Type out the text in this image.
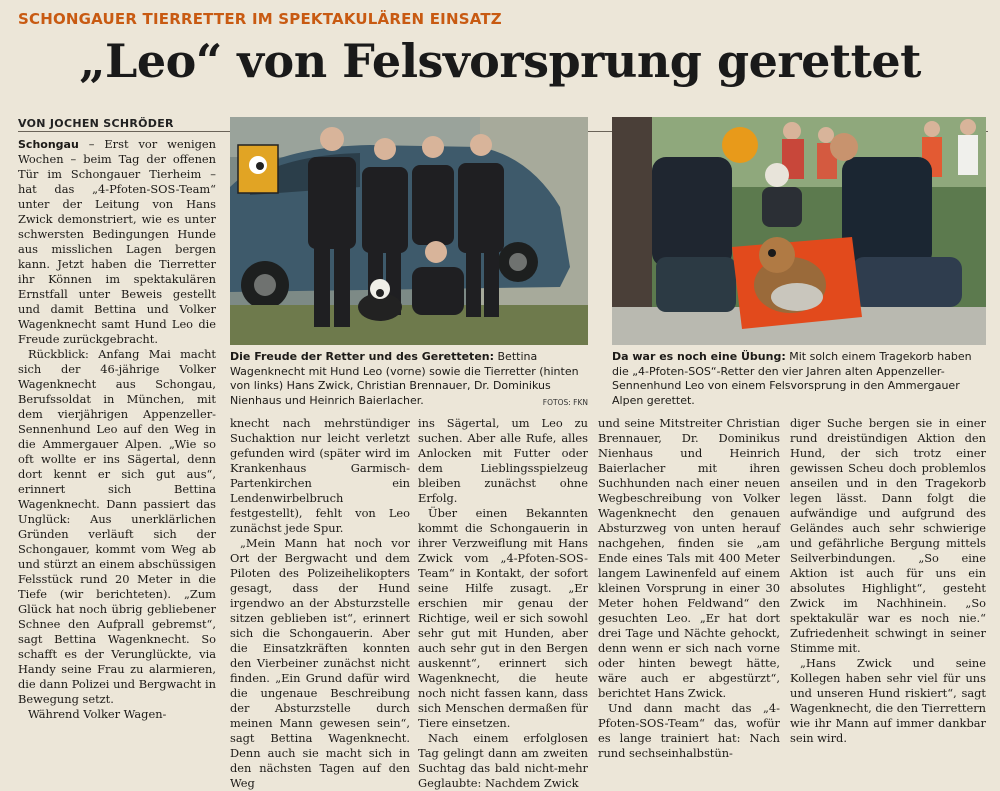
SCHONGAUER TIERRETTER IM SPEKTAKULÄREN EINSATZ
„Leo“ von Felsvorsprung gerettet
VON JOCHEN SCHRÖDER

Schongau – Erst vor wenigen Wochen – beim Tag der offenen Tür im Schongauer Tierheim – hat das „4-Pfoten-SOS-Team“ unter der Leitung von Hans Zwick demonstriert, wie es unter schwersten Bedingungen Hunde aus misslichen Lagen bergen kann. Jetzt haben die Tierretter ihr Können im spektakulären Ernstfall unter Beweis gestellt und damit Bettina und Volker Wagenknecht samt Hund Leo die Freude zurückgebracht.

Rückblick: Anfang Mai macht sich der 46-jährige Volker Wagenknecht aus Schongau, Berufssoldat in München, mit dem vierjährigen Appenzeller-Sennenhund Leo auf den Weg in die Ammergauer Alpen. „Wie so oft wollte er ins Sägertal, denn dort kennt er sich gut aus“, erinnert sich Bettina Wagenknecht. Dann passiert das Unglück: Aus unerklärlichen Gründen verläuft sich der Schongauer, kommt vom Weg ab und stürzt an einem abschüssigen Felsstück rund 20 Meter in die Tiefe (wir berichteten). „Zum Glück hat noch übrig gebliebener Schnee den Aufprall gebremst“, sagt Bettina Wagenknecht. So schafft es der Verunglückte, via Handy seine Frau zu alarmieren, die dann Polizei und Bergwacht in Bewegung setzt.

Während Volker Wagen-

Die Freude der Retter und des Geretteten: Bettina Wagenknecht mit Hund Leo (vorne) sowie die Tierretter (hinten von links) Hans Zwick, Christian Brennauer, Dr. Dominikus Nienhaus und Heinrich Baierlacher.	FOTOS: FKN
Da war es noch eine Übung: Mit solch einem Tragekorb haben die „4-Pfoten-SOS“-Retter den vier Jahren alten Appenzeller-Sennenhund Leo von einem Felsvorsprung in den Ammergauer Alpen gerettet.

knecht nach mehrstündiger Suchaktion nur leicht verletzt gefunden wird (später wird im Krankenhaus Garmisch-Partenkirchen ein Lendenwirbelbruch festgestellt), fehlt von Leo zunächst jede Spur.

„Mein Mann hat noch vor Ort der Bergwacht und dem Piloten des Polizeihelikopters gesagt, dass der Hund irgendwo an der Absturzstelle sitzen geblieben ist“, erinnert sich die Schongauerin. Aber die Einsatzkräften konnten den Vierbeiner zunächst nicht finden. „Ein Grund dafür wird die ungenaue Beschreibung der Absturzstelle durch meinen Mann gewesen sein“, sagt Bettina Wagenknecht. Denn auch sie macht sich in den nächsten Tagen auf den Weg

ins Sägertal, um Leo zu suchen. Aber alle Rufe, alles Anlocken mit Futter oder dem Lieblingsspielzeug bleiben zunächst ohne Erfolg.

Über einen Bekannten kommt die Schongauerin in ihrer Verzweiflung mit Hans Zwick vom „4-Pfoten-SOS-Team“ in Kontakt, der sofort seine Hilfe zusagt. „Er erschien mir genau der Richtige, weil er sich sowohl sehr gut mit Hunden, aber auch sehr gut in den Bergen auskennt“, erinnert sich Wagenknecht, die heute noch nicht fassen kann, dass sich Menschen dermaßen für Tiere einsetzen.

Nach einem erfolglosen Tag gelingt dann am zweiten Suchtag das bald nicht-mehr Geglaubte: Nachdem Zwick

und seine Mitstreiter Christian Brennauer, Dr. Dominikus Nienhaus und Heinrich Baierlacher mit ihren Suchhunden nach einer neuen Wegbeschreibung von Volker Wagenknecht den genauen Absturzweg von unten herauf nachgehen, finden sie „am Ende eines Tals mit 400 Meter langem Lawinenfeld auf einem kleinen Vorsprung in einer 30 Meter hohen Feldwand“ den gesuchten Leo. „Er hat dort drei Tage und Nächte gehockt, denn wenn er sich nach vorne oder hinten bewegt hätte, wäre auch er abgestürzt“, berichtet Hans Zwick.

Und dann macht das „4-Pfoten-SOS-Team“ das, wofür es lange trainiert hat: Nach rund sechseinhalbstün-

diger Suche bergen sie in einer rund dreistündigen Aktion den Hund, der sich trotz einer gewissen Scheu doch problemlos anseilen und in den Tragekorb legen lässt. Dann folgt die aufwändige und aufgrund des Geländes auch sehr schwierige und gefährliche Bergung mittels Seilverbindungen. „So eine Aktion ist auch für uns ein absolutes Highlight“, gesteht Zwick im Nachhinein. „So spektakulär war es noch nie.“ Zufriedenheit schwingt in seiner Stimme mit.

„Hans Zwick und seine Kollegen haben sehr viel für uns und unseren Hund riskiert“, sagt Wagenknecht, die den Tierrettern wie ihr Mann auf immer dankbar sein wird.
